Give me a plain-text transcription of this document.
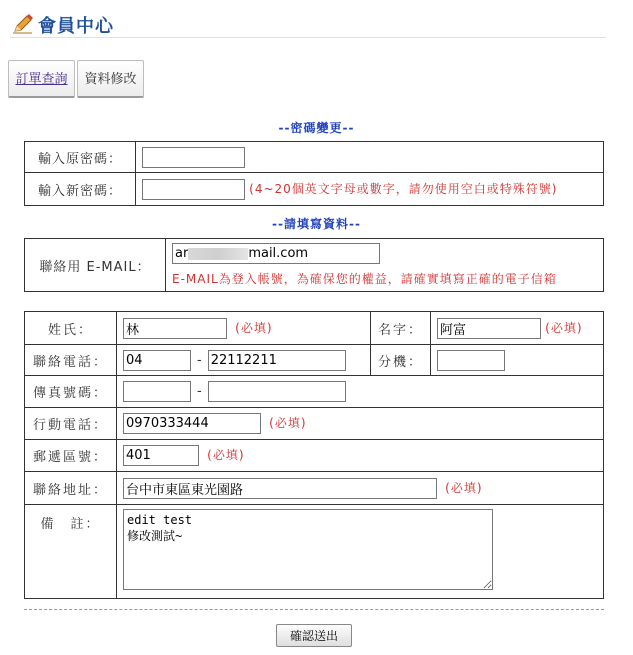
會員中心
訂單查詢	資料修改
--密碼變更--
輸入原密碼：	
輸入新密碼：	(4~20個英文字母或數字，請勿使用空白或特殊符號)
--請填寫資料--
聯絡用 E-MAIL：	ar	mail.com
E-MAIL為登入帳號，為確保您的權益，請確實填寫正確的電子信箱
姓氏：	林(必填)	名字：	阿富(必填)
聯絡電話：	04-22112211	分機：	
傳真號碼：	-		
行動電話：	0970333444(必填)
郵遞區號：	401(必填)
聯絡地址：	台中市東區東光園路(必填)
備　註：	edit test 修改測試~
確認送出
